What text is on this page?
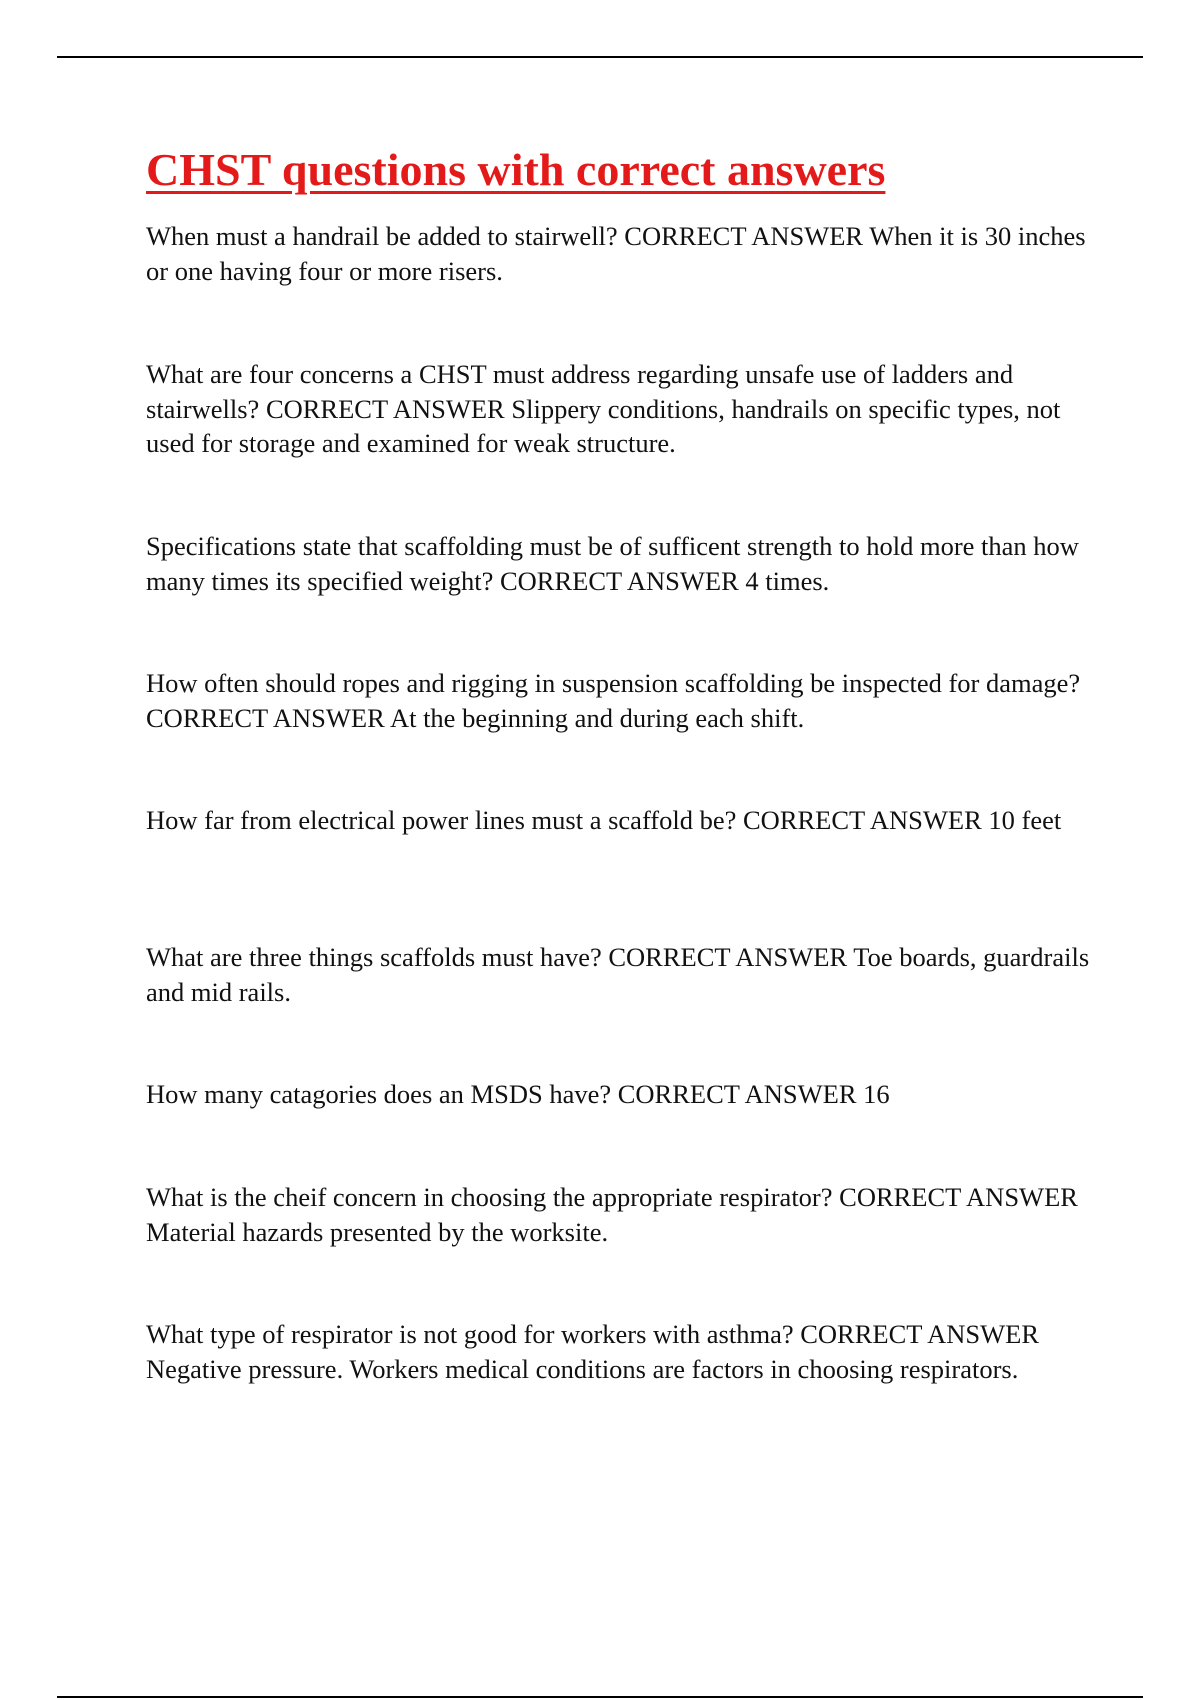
CHST questions with correct answers

When must a handrail be added to stairwell? CORRECT ANSWER When it is 30 inches or one having four or more risers.

What are four concerns a CHST must address regarding unsafe use of ladders and stairwells? CORRECT ANSWER Slippery conditions, handrails on specific types, not used for storage and examined for weak structure.

Specifications state that scaffolding must be of sufficent strength to hold more than how many times its specified weight? CORRECT ANSWER 4 times.

How often should ropes and rigging in suspension scaffolding be inspected for damage? CORRECT ANSWER At the beginning and during each shift.

How far from electrical power lines must a scaffold be? CORRECT ANSWER 10 feet

What are three things scaffolds must have? CORRECT ANSWER Toe boards, guardrails and mid rails.

How many catagories does an MSDS have? CORRECT ANSWER 16

What is the cheif concern in choosing the appropriate respirator? CORRECT ANSWER Material hazards presented by the worksite.

What type of respirator is not good for workers with asthma? CORRECT ANSWER Negative pressure. Workers medical conditions are factors in choosing respirators.
